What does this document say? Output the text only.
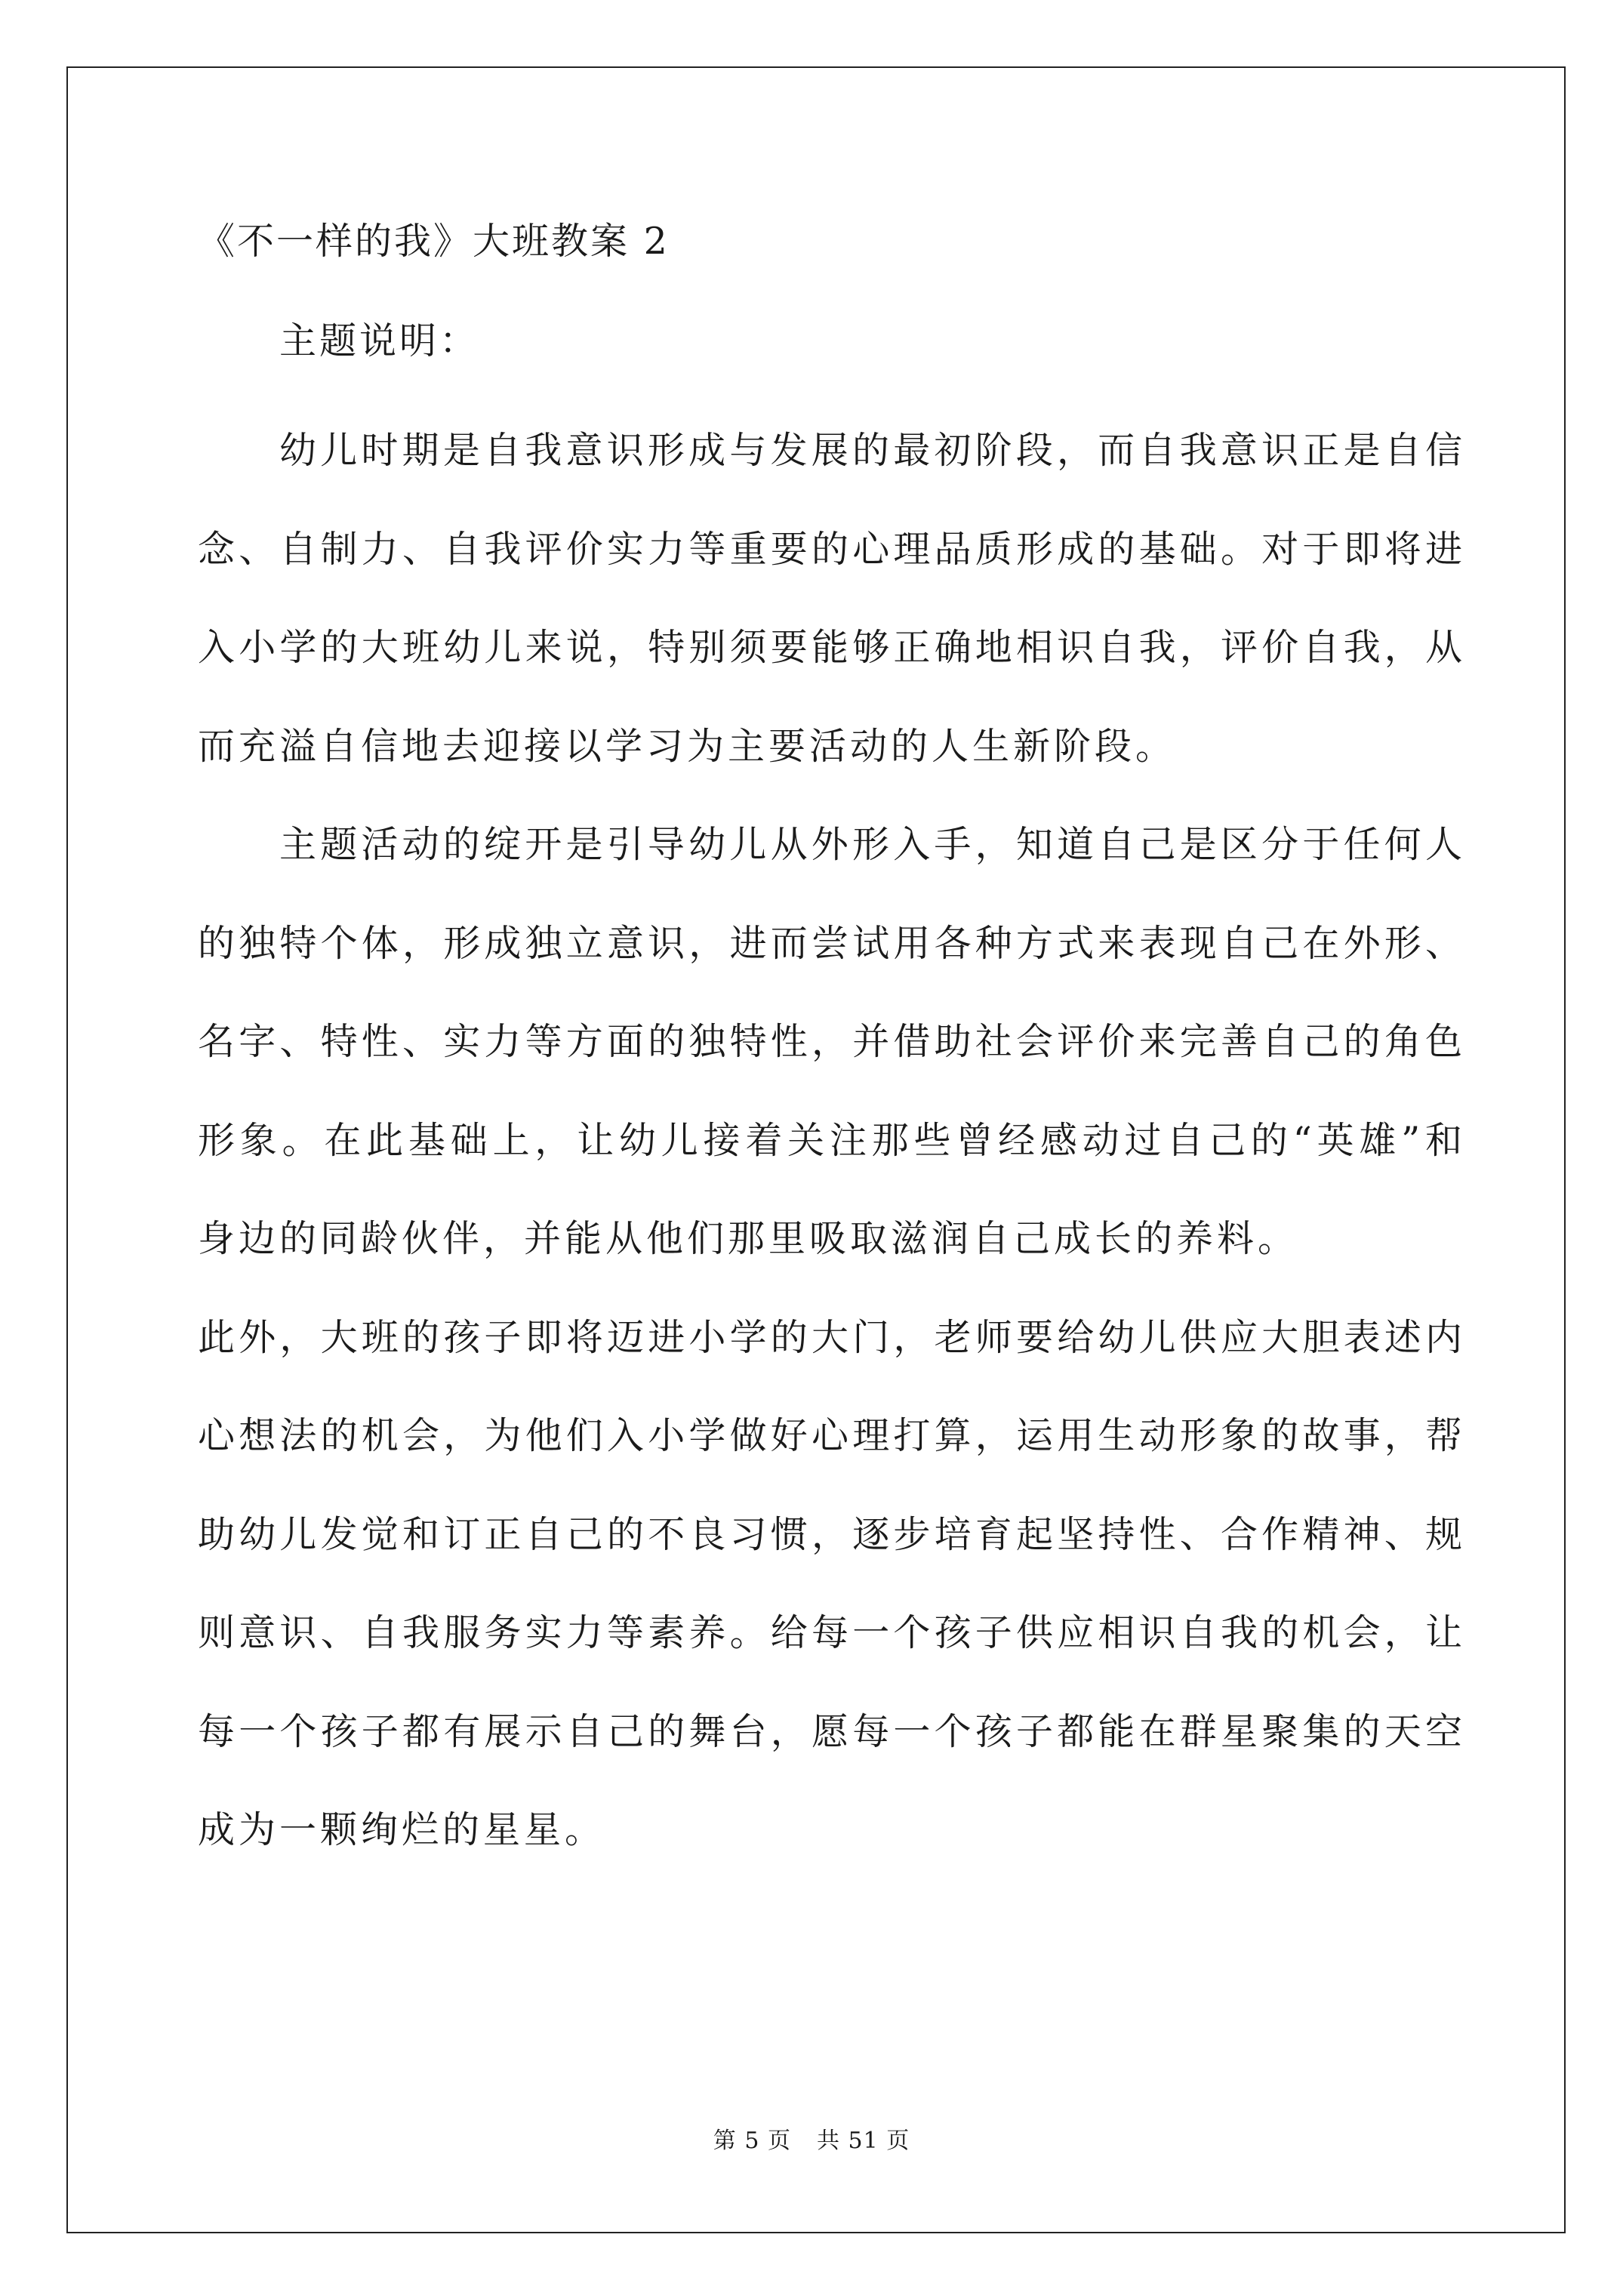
《不一样的我》大班教案 2

主题说明：

幼儿时期是自我意识形成与发展的最初阶段，而自我意识正是自信念、自制力、自我评价实力等重要的心理品质形成的基础。对于即将进入小学的大班幼儿来说，特别须要能够正确地相识自我，评价自我，从而充溢自信地去迎接以学习为主要活动的人生新阶段。

主题活动的绽开是引导幼儿从外形入手，知道自己是区分于任何人的独特个体，形成独立意识，进而尝试用各种方式来表现自己在外形、名字、特性、实力等方面的独特性，并借助社会评价来完善自己的角色形象。在此基础上，让幼儿接着关注那些曾经感动过自己的“英雄”和身边的同龄伙伴，并能从他们那里吸取滋润自己成长的养料。

此外，大班的孩子即将迈进小学的大门，老师要给幼儿供应大胆表述内心想法的机会，为他们入小学做好心理打算，运用生动形象的故事，帮助幼儿发觉和订正自己的不良习惯，逐步培育起坚持性、合作精神、规则意识、自我服务实力等素养。给每一个孩子供应相识自我的机会，让每一个孩子都有展示自己的舞台，愿每一个孩子都能在群星聚集的天空成为一颗绚烂的星星。

第 5 页 共 51 页
